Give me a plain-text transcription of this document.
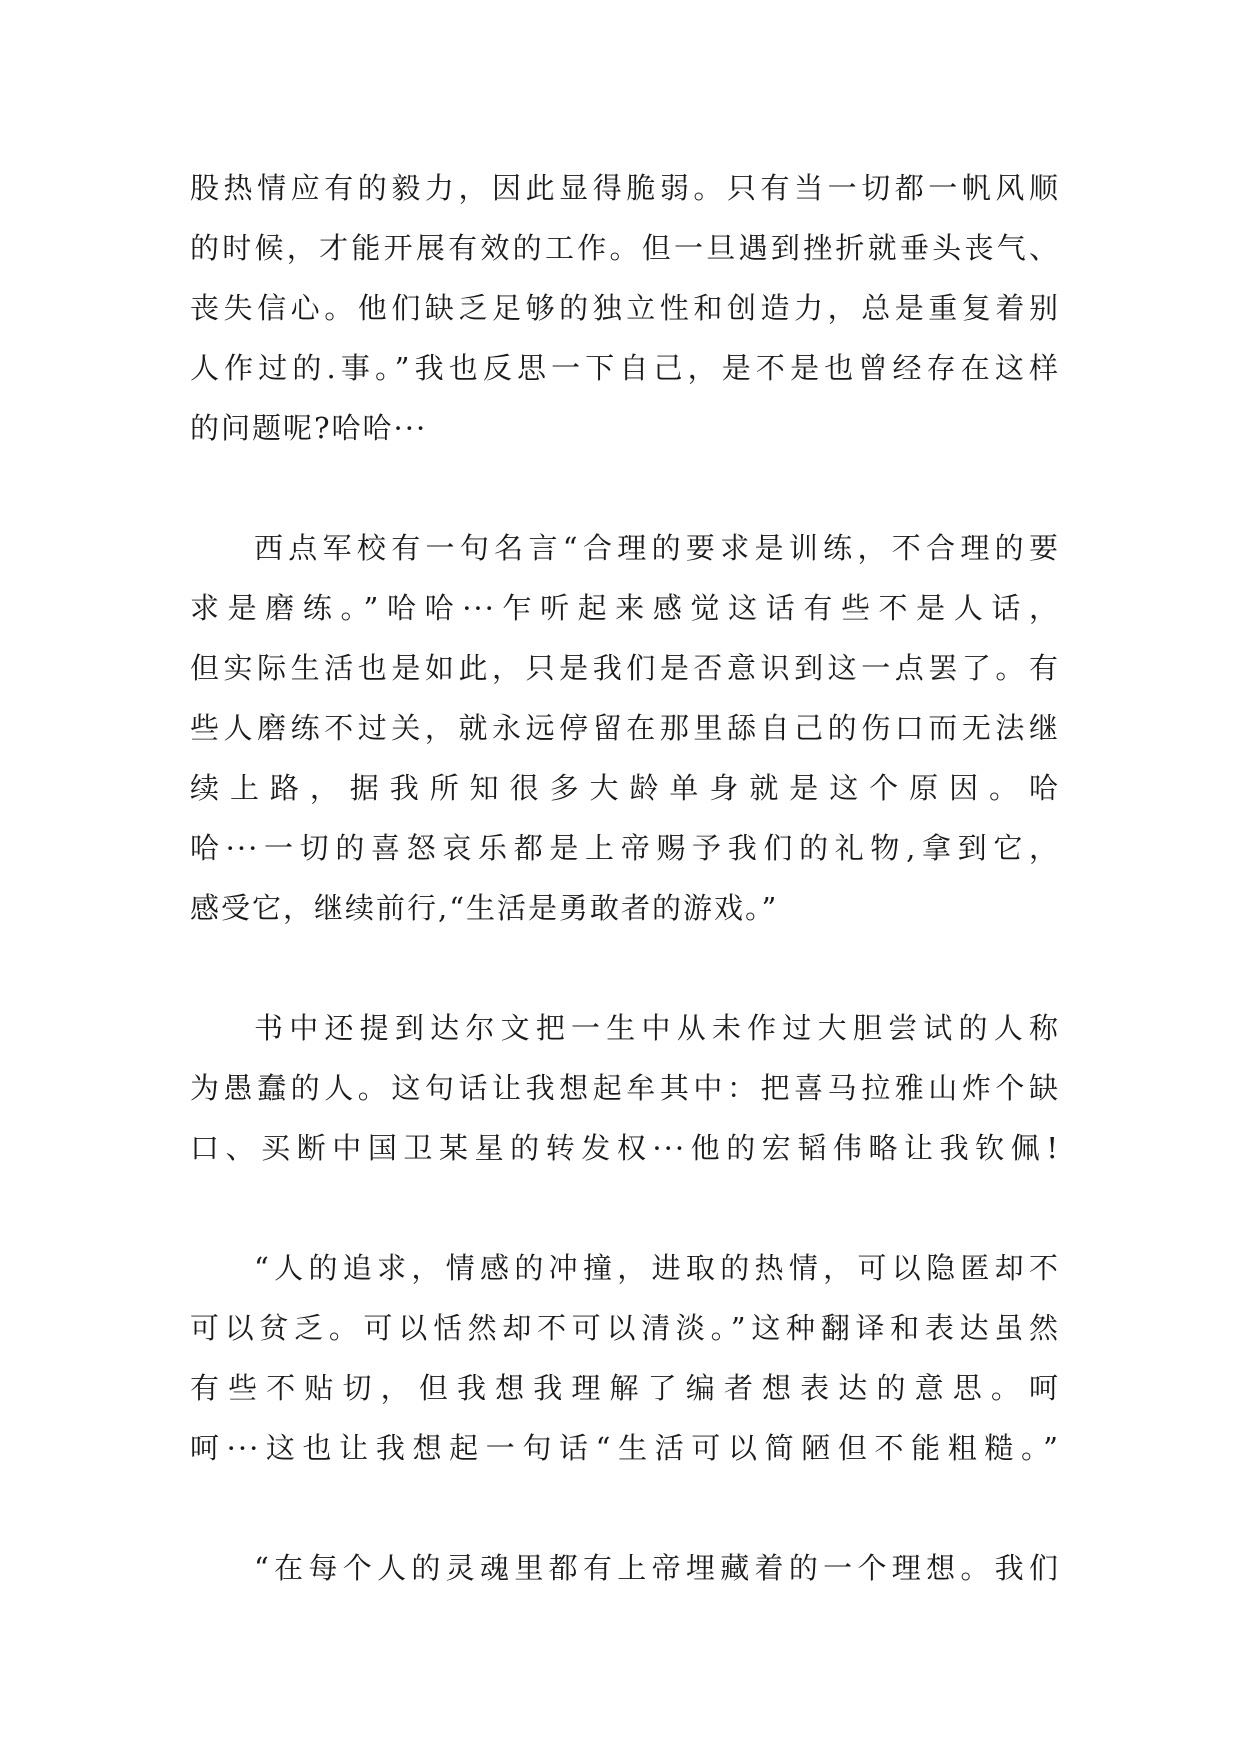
股热情应有的毅力，因此显得脆弱。只有当一切都一帆风顺
的时候，才能开展有效的工作。但一旦遇到挫折就垂头丧气、
丧失信心。他们缺乏足够的独立性和创造力，总是重复着别
人作过的.事。”我也反思一下自己，是不是也曾经存在这样
的问题呢?哈哈···
西点军校有一句名言“合理的要求是训练，不合理的要
求是磨练。”哈哈···乍听起来感觉这话有些不是人话，
但实际生活也是如此，只是我们是否意识到这一点罢了。有
些人磨练不过关，就永远停留在那里舔自己的伤口而无法继
续上路，据我所知很多大龄单身就是这个原因。哈
哈···一切的喜怒哀乐都是上帝赐予我们的礼物,拿到它，
感受它，继续前行,“生活是勇敢者的游戏。”
书中还提到达尔文把一生中从未作过大胆尝试的人称
为愚蠢的人。这句话让我想起牟其中：把喜马拉雅山炸个缺
口、买断中国卫某星的转发权···他的宏韬伟略让我钦佩!
“人的追求，情感的冲撞，进取的热情，可以隐匿却不
可以贫乏。可以恬然却不可以清淡。”这种翻译和表达虽然
有些不贴切，但我想我理解了编者想表达的意思。呵
呵···这也让我想起一句话“生活可以简陋但不能粗糙。”
“在每个人的灵魂里都有上帝埋藏着的一个理想。我们
